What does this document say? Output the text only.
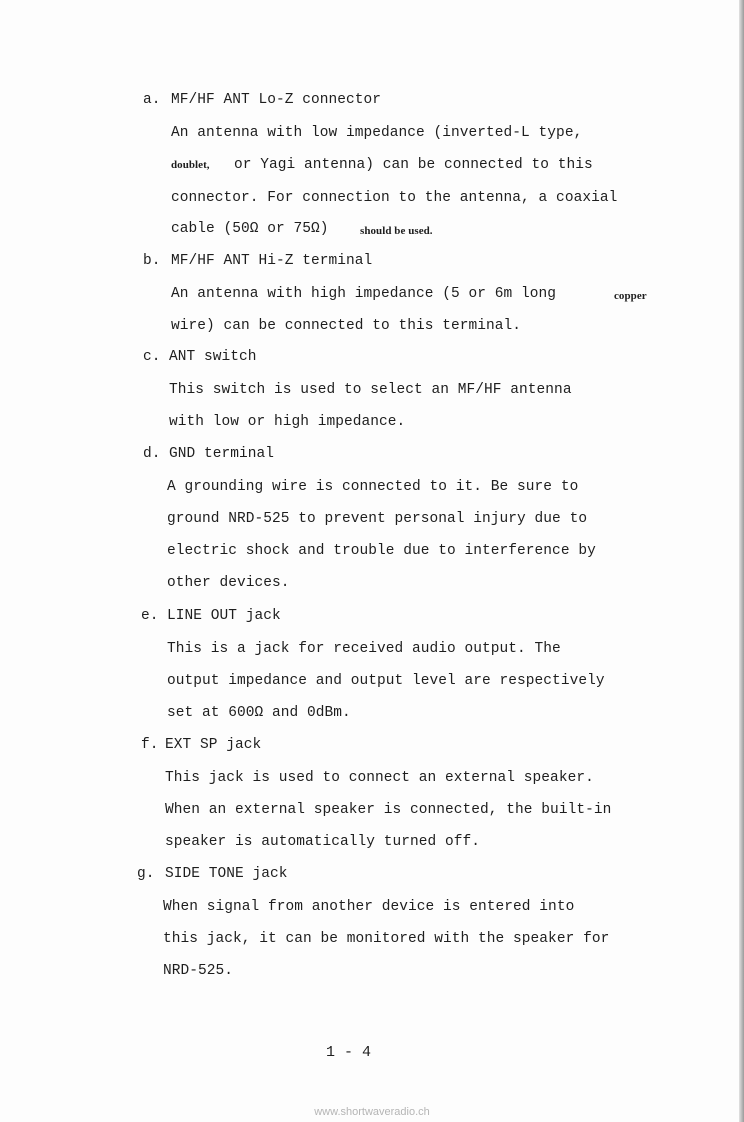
a. MF/HF ANT Lo-Z connector
An antenna with low impedance (inverted-L type,
doublet, or Yagi antenna) can be connected to this
connector. For connection to the antenna, a coaxial
cable (50Ω or 75Ω)	should be used.
b. MF/HF ANT Hi-Z terminal
An antenna with high impedance (5 or 6m long	copper
wire) can be connected to this terminal.
c. ANT switch
This switch is used to select an MF/HF antenna
with low or high impedance.
d. GND terminal
A grounding wire is connected to it. Be sure to
ground NRD-525 to prevent personal injury due to
electric shock and trouble due to interference by
other devices.
e. LINE OUT jack
This is a jack for received audio output. The
output impedance and output level are respectively
set at 600Ω and 0dBm.
f. EXT SP jack
This jack is used to connect an external speaker.
When an external speaker is connected, the built-in
speaker is automatically turned off.
g. SIDE TONE jack
When signal from another device is entered into
this jack, it can be monitored with the speaker for
NRD-525.
1 - 4
www.shortwaveradio.ch
